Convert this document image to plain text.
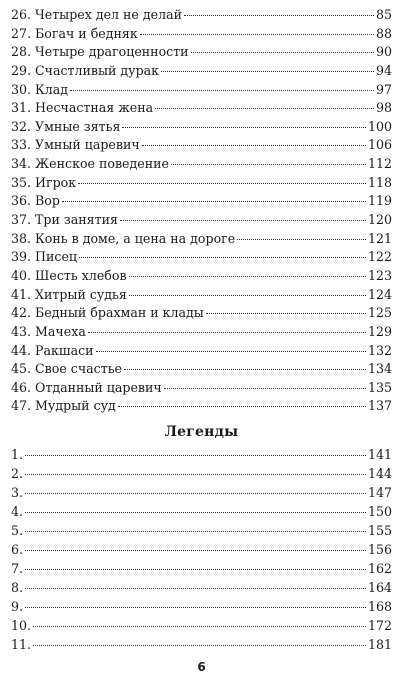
26. Четырех дел не делай	85
27. Богач и бедняк	88
28. Четыре драгоценности	90
29. Счастливый дурак	94
30. Клад	97
31. Несчастная жена	98
32. Умные зятья	100
33. Умный царевич	106
34. Женское поведение	112
35. Игрок	118
36. Вор	119
37. Три занятия	120
38. Конь в доме, а цена на дороге	121
39. Писец	122
40. Шесть хлебов	123
41. Хитрый судья	124
42. Бедный брахман и клады	125
43. Мачеха	129
44. Ракшаси	132
45. Свое счастье	134
46. Отданный царевич	135
47. Мудрый суд	137
Легенды
1.	141
2.	144
3.	147
4.	150
5.	155
6.	156
7.	162
8.	164
9.	168
10.	172
11.	181
6
